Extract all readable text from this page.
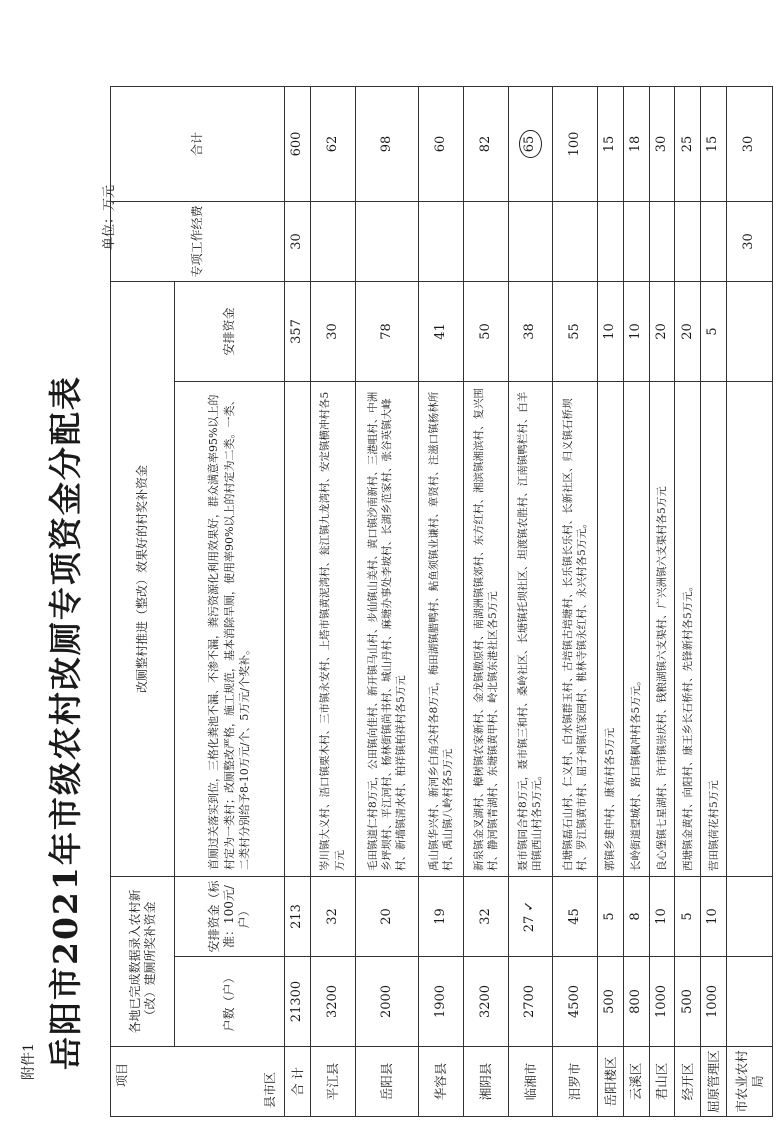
附件1 岳阳市2021年市级农村改厕专项资金分配表
单位：万元
项目 县市区	各地已完成数据录入农村新（改）建厕所奖补资金		改厕整村推进（整改）效果好的村奖补资金		专项工作经费	合计
	户数（户）	安排资金（标准：100元/户）	首厕过关落实到位，三格化粪池不漏、不渗不漏，粪污资源化利用效果好，群众满意率95%以上的村定为一类村；改厕整改严格，施工规范，基本消除旱厕，使用率90%以上的村定为二类。一类、二类村分别给予8-10万元/个、5万元/个奖补。	安排资金		
合 计	21300	213		357	30	600
平江县	3200	32	岑川镇大义村、浯口镇栗木村、三市镇永安村、上塔市镇黄泥湾村、瓮江镇九龙湾村、安定镇横冲村各5万元	30		62
岳阳县	2000	20	毛田镇道仁村8万元，公田镇向佳村、新开镇马山村、步仙镇山美村、黄口镇沙南新村、三港咀村、中洲乡坪坝村、平江河村、杨林街镇尚书村、城山丹村、麻塘办事处李坡村、长湖乡范家村、张谷英镇大峰村、新墙镇清水村、柏祥镇柏祥村各5万元	78		98
华容县	1900	19	禹山镇华兴村、新河乡白角尖村各8万元，梅田湖镇腊鸭村、鲇鱼须镇业谦村、章贤村、注滋口镇杨林所村、禹山镇八岭村各5万元	41		60
湘阴县	3200	32	新泉镇金叉湖村、樟树镇农家新村、金龙镇傲原村、南湖洲镇镇郊村、东方红村、湘滨镇湘滨村、复兴围村、静河镇青湖村、东塘镇黄甲村、岭北镇东港社区各5万元	50		82
临湘市	2700	27 ✓	聂市镇同合村8万元，聂市镇三和村、桑岭社区、长塘镇托坝社区、坦渡镇农胜村、江南镇鸭栏村、白羊田镇西山村各5万元。	38		65
汨罗市	4500	45	白塘镇磊石山村、仁义村、白水镇群玉村、古培镇古培塘村、长乐镇长乐村、长新社区、归义镇石桥坝村、罗江镇黄市村、屈子祠镇范家园村、桃林寺镇永红村、永兴村各5万元。	55		100
岳阳楼区	500	5	郭镇乡建中村、康布村各5万元	10		15
云溪区	800	8	长岭街道望城村、路口镇枫冲村各5万元。	10		18
君山区	1000	10	良心堡镇七星湖村、许市镇崇庆村、钱粮湖镇六支渠村、广兴洲镇六支渠村各5万元	20		30
经开区	500	5	西塘镇金黄村、向阳村、康王乡长石桥村、先锋新村各5万元。	20		25
屈原管理区	1000	10	营田镇荷花村5万元	5		15
市农业农村局					30	30
